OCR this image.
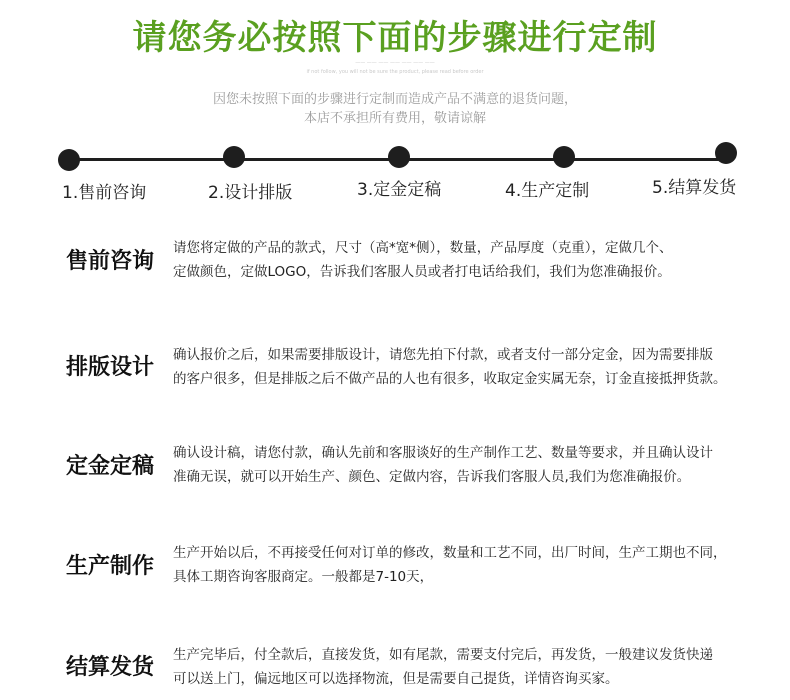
请您务必按照下面的步骤进行定制
—— —— —— —— —— —— ——
if not follow, you will not be sure the product, please read before order
因您未按照下面的步骤进行定制而造成产品不满意的退货问题，
本店不承担所有费用，敬请谅解
1.售前咨询	2.设计排版	3.定金定稿	4.生产定制	5.结算发货
售前咨询
请您将定做的产品的款式，尺寸（高*宽*侧），数量，产品厚度（克重），定做几个、
定做颜色，定做LOGO，告诉我们客服人员或者打电话给我们，我们为您准确报价。
排版设计 确认报价之后，如果需要排版设计，请您先拍下付款，或者支付一部分定金，因为需要排版
的客户很多，但是排版之后不做产品的人也有很多，收取定金实属无奈，订金直接抵押货款。
定金定稿
确认设计稿，请您付款，确认先前和客服谈好的生产制作工艺、数量等要求，并且确认设计
准确无误，就可以开始生产、颜色、定做内容，告诉我们客服人员,我们为您准确报价。
生产制作
生产开始以后，不再接受任何对订单的修改，数量和工艺不同，出厂时间，生产工期也不同，
具体工期咨询客服商定。一般都是7-10天，
结算发货 生产完毕后，付全款后，直接发货，如有尾款，需要支付完后，再发货，一般建议发货快递
可以送上门，偏远地区可以选择物流，但是需要自己提货，详情咨询买家。
